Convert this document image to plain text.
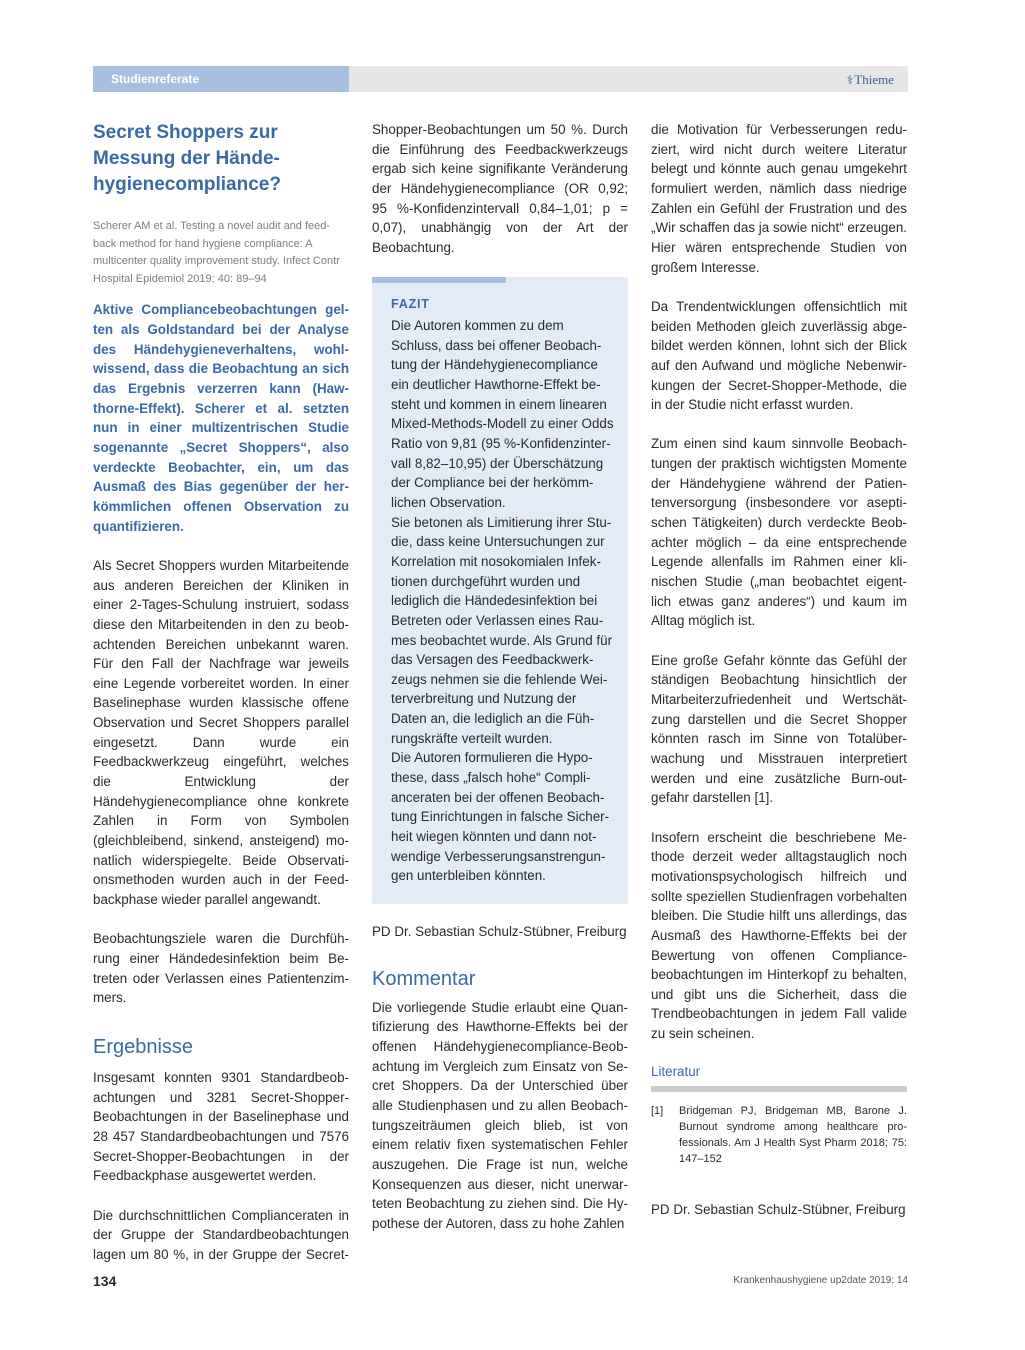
Studienreferate	⚕Thieme
Secret Shoppers zur Messung der Händehygienecompliance?

Scherer AM et al. Testing a novel audit and feedback method for hand hygiene compliance: A multicenter quality improvement study. Infect Contr Hospital Epidemiol 2019; 40: 89–94

Aktive Compliancebeobachtungen gelten als Goldstandard bei der Analyse des Händehygieneverhaltens, wohlwissend, dass die Beobachtung an sich das Ergebnis verzerren kann (Hawthorne-Effekt). Scherer et al. setzten nun in einer multizentrischen Studie sogenannte „Secret Shoppers“, also verdeckte Beobachter, ein, um das Ausmaß des Bias gegenüber der herkömmlichen offenen Observation zu quantifizieren.

Als Secret Shoppers wurden Mitarbeitende aus anderen Bereichen der Kliniken in einer 2-Tages-Schulung instruiert, sodass diese den Mitarbeitenden in den zu beobachtenden Bereichen unbekannt waren. Für den Fall der Nachfrage war jeweils eine Legende vorbereitet worden. In einer Baselinephase wurden klassische offene Observation und Secret Shoppers parallel eingesetzt. Dann wurde ein Feedbackwerkzeug eingeführt, welches die Entwicklung der Händehygienecompliance ohne konkrete Zahlen in Form von Symbolen (gleichbleibend, sinkend, ansteigend) monatlich widerspiegelte. Beide Observationsmethoden wurden auch in der Feedbackphase wieder parallel angewandt.

Beobachtungsziele waren die Durchführung einer Händedesinfektion beim Betreten oder Verlassen eines Patientenzimmers.

Ergebnisse

Insgesamt konnten 9301 Standardbeobachtungen und 3281 Secret-Shopper-Beobachtungen in der Baselinephase und 28 457 Standardbeobachtungen und 7576 Secret-Shopper-Beobachtungen in der Feedbackphase ausgewertet werden.

Die durchschnittlichen Complianceraten in der Gruppe der Standardbeobachtungen lagen um 80 %, in der Gruppe der Secret-

Shopper-Beobachtungen um 50 %. Durch die Einführung des Feedbackwerkzeugs ergab sich keine signifikante Veränderung der Händehygienecompliance (OR 0,92; 95 %-Konfidenzintervall 0,84–1,01; p = 0,07), unabhängig von der Art der Beobachtung.

FAZIT

Die Autoren kommen zu dem Schluss, dass bei offener Beobachtung der Händehygienecompliance ein deutlicher Hawthorne-Effekt besteht und kommen in einem linearen Mixed-Methods-Modell zu einer Odds Ratio von 9,81 (95 %-Konfidenzintervall 8,82–10,95) der Überschätzung der Compliance bei der herkömmlichen Observation.

Sie betonen als Limitierung ihrer Studie, dass keine Untersuchungen zur Korrelation mit nosokomialen Infektionen durchgeführt wurden und lediglich die Händedesinfektion bei Betreten oder Verlassen eines Raumes beobachtet wurde. Als Grund für das Versagen des Feedbackwerkzeugs nehmen sie die fehlende Weiterverbreitung und Nutzung der Daten an, die lediglich an die Führungskräfte verteilt wurden.

Die Autoren formulieren die Hypothese, dass „falsch hohe“ Complianceraten bei der offenen Beobachtung Einrichtungen in falsche Sicherheit wiegen könnten und dann notwendige Verbesserungsanstrengungen unterbleiben könnten.

PD Dr. Sebastian Schulz-Stübner, Freiburg

Kommentar

Die vorliegende Studie erlaubt eine Quantifizierung des Hawthorne-Effekts bei der offenen Händehygienecompliance-Beobachtung im Vergleich zum Einsatz von Secret Shoppers. Da der Unterschied über alle Studienphasen und zu allen Beobachtungszeiträumen gleich blieb, ist von einem relativ fixen systematischen Fehler auszugehen. Die Frage ist nun, welche Konsequenzen aus dieser, nicht unerwarteten Beobachtung zu ziehen sind. Die Hypothese der Autoren, dass zu hohe Zahlen

die Motivation für Verbesserungen reduziert, wird nicht durch weitere Literatur belegt und könnte auch genau umgekehrt formuliert werden, nämlich dass niedrige Zahlen ein Gefühl der Frustration und des „Wir schaffen das ja sowie nicht“ erzeugen. Hier wären entsprechende Studien von großem Interesse.

Da Trendentwicklungen offensichtlich mit beiden Methoden gleich zuverlässig abgebildet werden können, lohnt sich der Blick auf den Aufwand und mögliche Nebenwirkungen der Secret-Shopper-Methode, die in der Studie nicht erfasst wurden.

Zum einen sind kaum sinnvolle Beobachtungen der praktisch wichtigsten Momente der Händehygiene während der Patientenversorgung (insbesondere vor aseptischen Tätigkeiten) durch verdeckte Beobachter möglich – da eine entsprechende Legende allenfalls im Rahmen einer klinischen Studie („man beobachtet eigentlich etwas ganz anderes“) und kaum im Alltag möglich ist.

Eine große Gefahr könnte das Gefühl der ständigen Beobachtung hinsichtlich der Mitarbeiterzufriedenheit und Wertschätzung darstellen und die Secret Shopper könnten rasch im Sinne von Totalüberwachung und Misstrauen interpretiert werden und eine zusätzliche Burn-outgefahr darstellen [1].

Insofern erscheint die beschriebene Methode derzeit weder alltagstauglich noch motivationspsychologisch hilfreich und sollte speziellen Studienfragen vorbehalten bleiben. Die Studie hilft uns allerdings, das Ausmaß des Hawthorne-Effekts bei der Bewertung von offenen Compliancebeobachtungen im Hinterkopf zu behalten, und gibt uns die Sicherheit, dass die Trendbeobachtungen in jedem Fall valide zu sein scheinen.

Literatur
[1]	Bridgeman PJ, Bridgeman MB, Barone J. Burnout syndrome among healthcare professionals. Am J Health Syst Pharm 2018; 75: 147–152

PD Dr. Sebastian Schulz-Stübner, Freiburg

134	Krankenhaushygiene up2date 2019; 14
